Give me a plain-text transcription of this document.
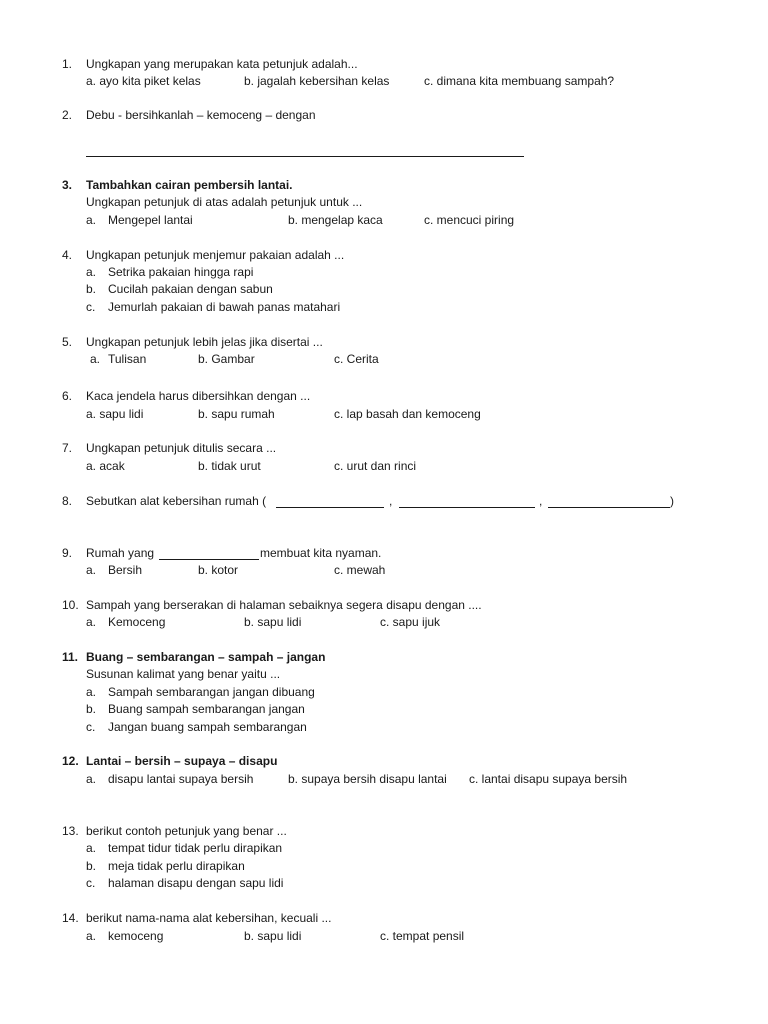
1. Ungkapan yang merupakan kata petunjuk adalah...
a. ayo kita piket kelas	b. jagalah kebersihan kelas	c. dimana kita membuang sampah?
2. Debu - bersihkanlah – kemoceng – dengan
3. Tambahkan cairan pembersih lantai.
Ungkapan petunjuk di atas adalah petunjuk untuk ...
a. Mengepel lantai	b. mengelap kaca	c. mencuci piring
4. Ungkapan petunjuk menjemur pakaian adalah ...
a. Setrika pakaian hingga rapi
b. Cucilah pakaian dengan sabun
c. Jemurlah pakaian di bawah panas matahari
5. Ungkapan petunjuk lebih jelas jika disertai ...
a. Tulisan	b. Gambar	c. Cerita
6. Kaca jendela harus dibersihkan dengan ...
a. sapu lidi	b. sapu rumah	c. lap basah dan kemoceng
7. Ungkapan petunjuk ditulis secara ...
a. acak	b. tidak urut	c. urut dan rinci
8. Sebutkan alat kebersihan rumah (	,	,	)
9. Rumah yang	membuat kita nyaman.
a. Bersih	b. kotor	c. mewah
10. Sampah yang berserakan di halaman sebaiknya segera disapu dengan ....
a. Kemoceng	b. sapu lidi	c. sapu ijuk
11. Buang – sembarangan – sampah – jangan
Susunan kalimat yang benar yaitu ...
a. Sampah sembarangan jangan dibuang
b. Buang sampah sembarangan jangan
c. Jangan buang sampah sembarangan
12. Lantai – bersih – supaya – disapu
a. disapu lantai supaya bersih	b. supaya bersih disapu lantai c. lantai disapu supaya bersih
13. berikut contoh petunjuk yang benar ...
a. tempat tidur tidak perlu dirapikan
b. meja tidak perlu dirapikan
c. halaman disapu dengan sapu lidi
14. berikut nama-nama alat kebersihan, kecuali ...
a. kemoceng	b. sapu lidi	c. tempat pensil
